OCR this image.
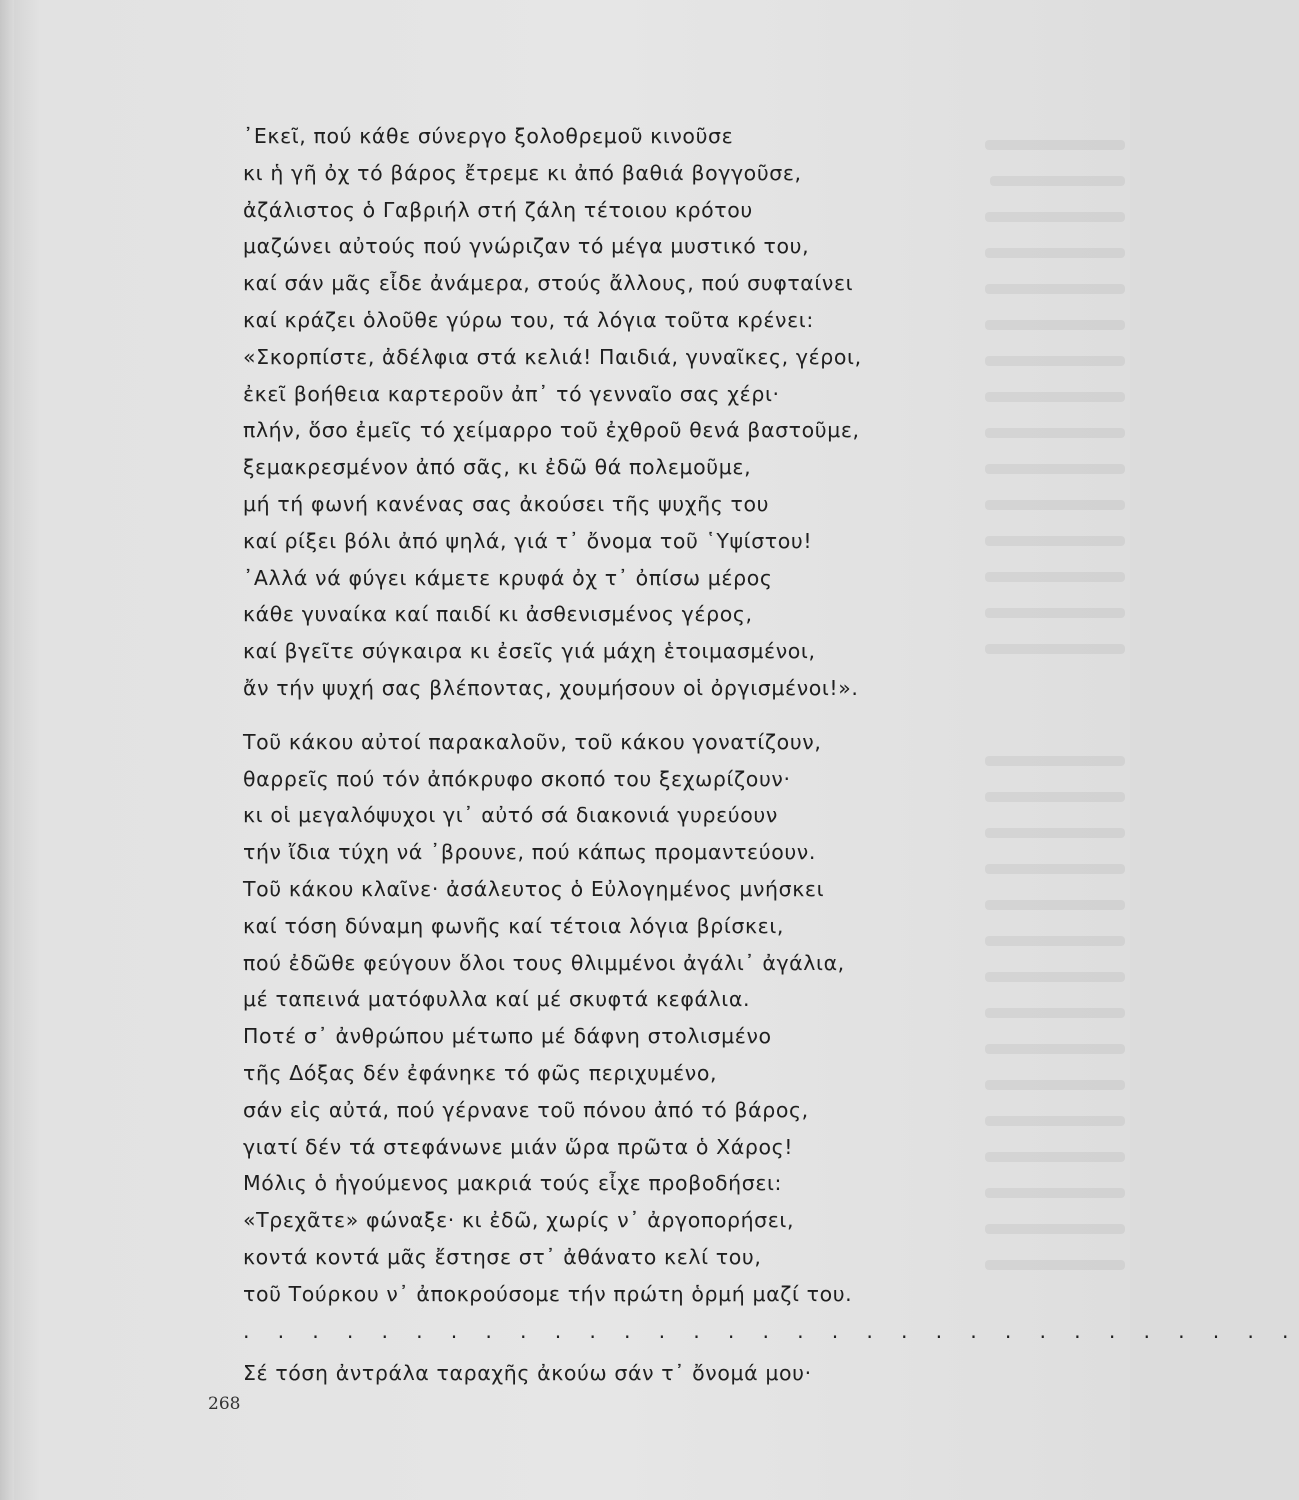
᾿Εκεῖ, πού κάθε σύνεργο ξολοθρεμοῦ κινοῦσε
κι ἡ γῆ ὀχ τό βάρος ἔτρεμε κι ἀπό βαθιά βογγοῦσε,
ἀζάλιστος ὁ Γαβριήλ στή ζάλη τέτοιου κρότου
μαζώνει αὐτούς πού γνώριζαν τό μέγα μυστικό του,
καί σάν μᾶς εἶδε ἀνάμερα, στούς ἄλλους, πού συφταίνει
καί κράζει ὁλοῦθε γύρω του, τά λόγια τοῦτα κρένει:
«Σκορπίστε, ἀδέλφια στά κελιά! Παιδιά, γυναῖκες, γέροι,
ἐκεῖ βοήθεια καρτεροῦν ἀπ᾿ τό γενναῖο σας χέρι·
πλήν, ὅσο ἐμεῖς τό χείμαρρο τοῦ ἐχθροῦ θενά βαστοῦμε,
ξεμακρεσμένον ἀπό σᾶς, κι ἐδῶ θά πολεμοῦμε,
μή τή φωνή κανένας σας ἀκούσει τῆς ψυχῆς του
καί ρίξει βόλι ἀπό ψηλά, γιά τ᾿ ὄνομα τοῦ ῾Υψίστου!
᾿Αλλά νά φύγει κάμετε κρυφά ὀχ τ᾿ ὀπίσω μέρος
κάθε γυναίκα καί παιδί κι ἀσθενισμένος γέρος,
καί βγεῖτε σύγκαιρα κι ἐσεῖς γιά μάχη ἑτοιμασμένοι,
ἄν τήν ψυχή σας βλέποντας, χουμήσουν οἱ ὀργισμένοι!».
Τοῦ κάκου αὐτοί παρακαλοῦν, τοῦ κάκου γονατίζουν,
θαρρεῖς πού τόν ἀπόκρυφο σκοπό του ξεχωρίζουν·
κι οἱ μεγαλόψυχοι γι᾿ αὐτό σά διακονιά γυρεύουν
τήν ἴδια τύχη νά ᾿βρουνε, πού κάπως προμαντεύουν.
Τοῦ κάκου κλαῖνε· ἀσάλευτος ὁ Εὐλογημένος μνήσκει
καί τόση δύναμη φωνῆς καί τέτοια λόγια βρίσκει,
πού ἐδῶθε φεύγουν ὅλοι τους θλιμμένοι ἀγάλι᾿ ἀγάλια,
μέ ταπεινά ματόφυλλα καί μέ σκυφτά κεφάλια.
Ποτέ σ᾿ ἀνθρώπου μέτωπο μέ δάφνη στολισμένο
τῆς Δόξας δέν ἐφάνηκε τό φῶς περιχυμένο,
σάν εἰς αὐτά, πού γέρνανε τοῦ πόνου ἀπό τό βάρος,
γιατί δέν τά στεφάνωνε μιάν ὥρα πρῶτα ὁ Χάρος!
Μόλις ὁ ἡγούμενος μακριά τούς εἶχε προβοδήσει:
«Τρεχᾶτε» φώναξε· κι ἐδῶ, χωρίς ν᾿ ἀργοπορήσει,
κοντά κοντά μᾶς ἔστησε στ᾿ ἀθάνατο κελί του,
τοῦ Τούρκου ν᾿ ἀποκρούσομε τήν πρώτη ὁρμή μαζί του.
. . . . . . . . . . . . . . . . . . . . . . . . . . . . . . .
Σέ τόση ἀντράλα ταραχῆς ἀκούω σάν τ᾿ ὄνομά μου·
268
